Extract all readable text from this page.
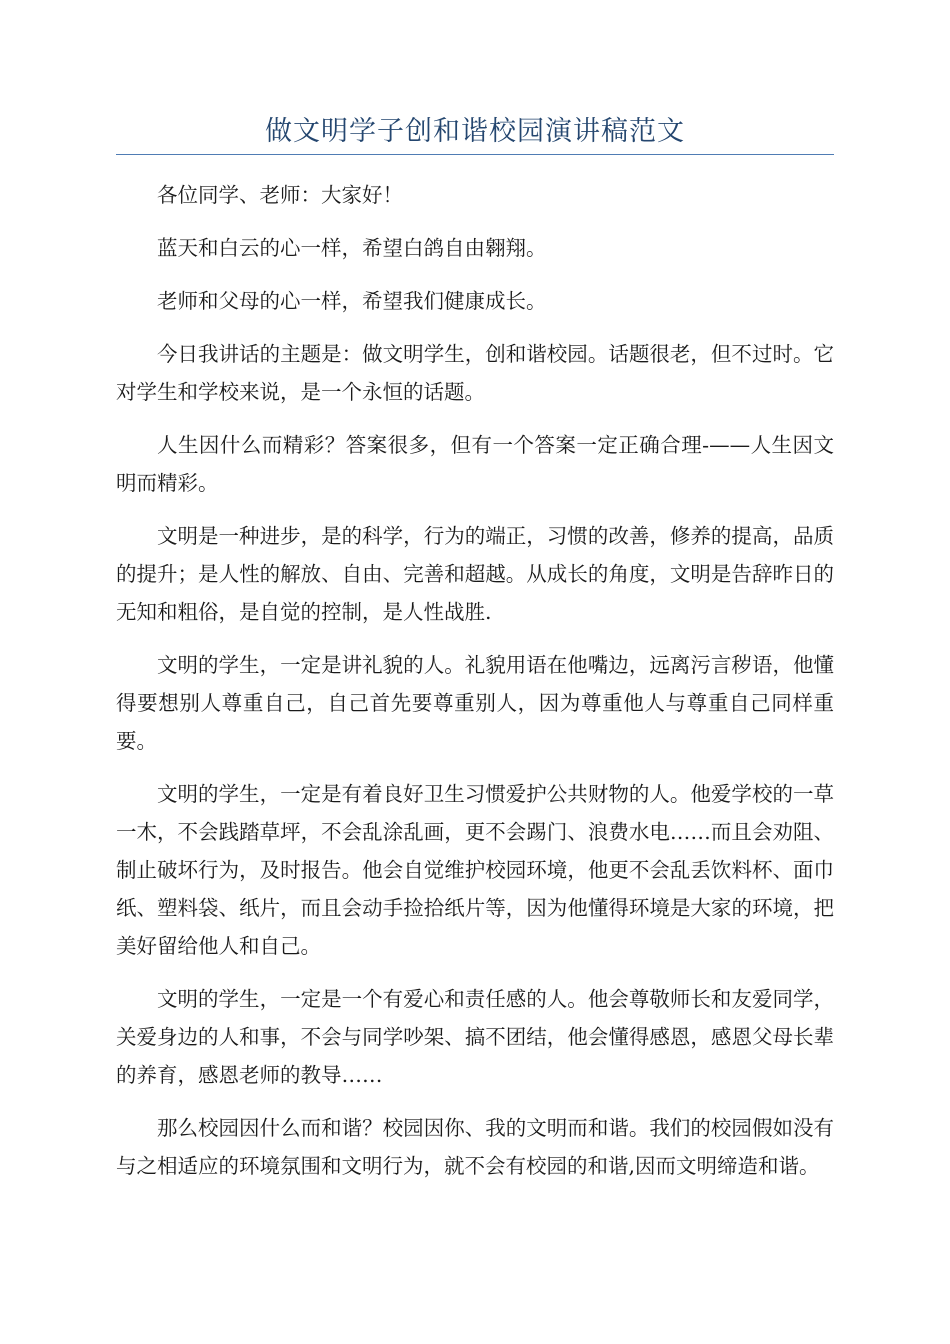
做文明学子创和谐校园演讲稿范文

各位同学、老师：大家好！

蓝天和白云的心一样，希望白鸽自由翱翔。

老师和父母的心一样，希望我们健康成长。

今日我讲话的主题是：做文明学生，创和谐校园。话题很老，但不过时。它对学生和学校来说，是一个永恒的话题。

人生因什么而精彩？答案很多，但有一个答案一定正确合理-——人生因文明而精彩。

文明是一种进步，是的科学，行为的端正，习惯的改善，修养的提高，品质的提升；是人性的解放、自由、完善和超越。从成长的角度，文明是告辞昨日的无知和粗俗，是自觉的控制，是人性战胜.

文明的学生，一定是讲礼貌的人。礼貌用语在他嘴边，远离污言秽语，他懂得要想别人尊重自己，自己首先要尊重别人，因为尊重他人与尊重自己同样重要。

文明的学生，一定是有着良好卫生习惯爱护公共财物的人。他爱学校的一草一木，不会践踏草坪，不会乱涂乱画，更不会踢门、浪费水电……而且会劝阻、制止破坏行为，及时报告。他会自觉维护校园环境，他更不会乱丢饮料杯、面巾纸、塑料袋、纸片，而且会动手捡拾纸片等，因为他懂得环境是大家的环境，把美好留给他人和自己。

文明的学生，一定是一个有爱心和责任感的人。他会尊敬师长和友爱同学，关爱身边的人和事，不会与同学吵架、搞不团结，他会懂得感恩，感恩父母长辈的养育，感恩老师的教导……

那么校园因什么而和谐？校园因你、我的文明而和谐。我们的校园假如没有与之相适应的环境氛围和文明行为，就不会有校园的和谐,因而文明缔造和谐。
